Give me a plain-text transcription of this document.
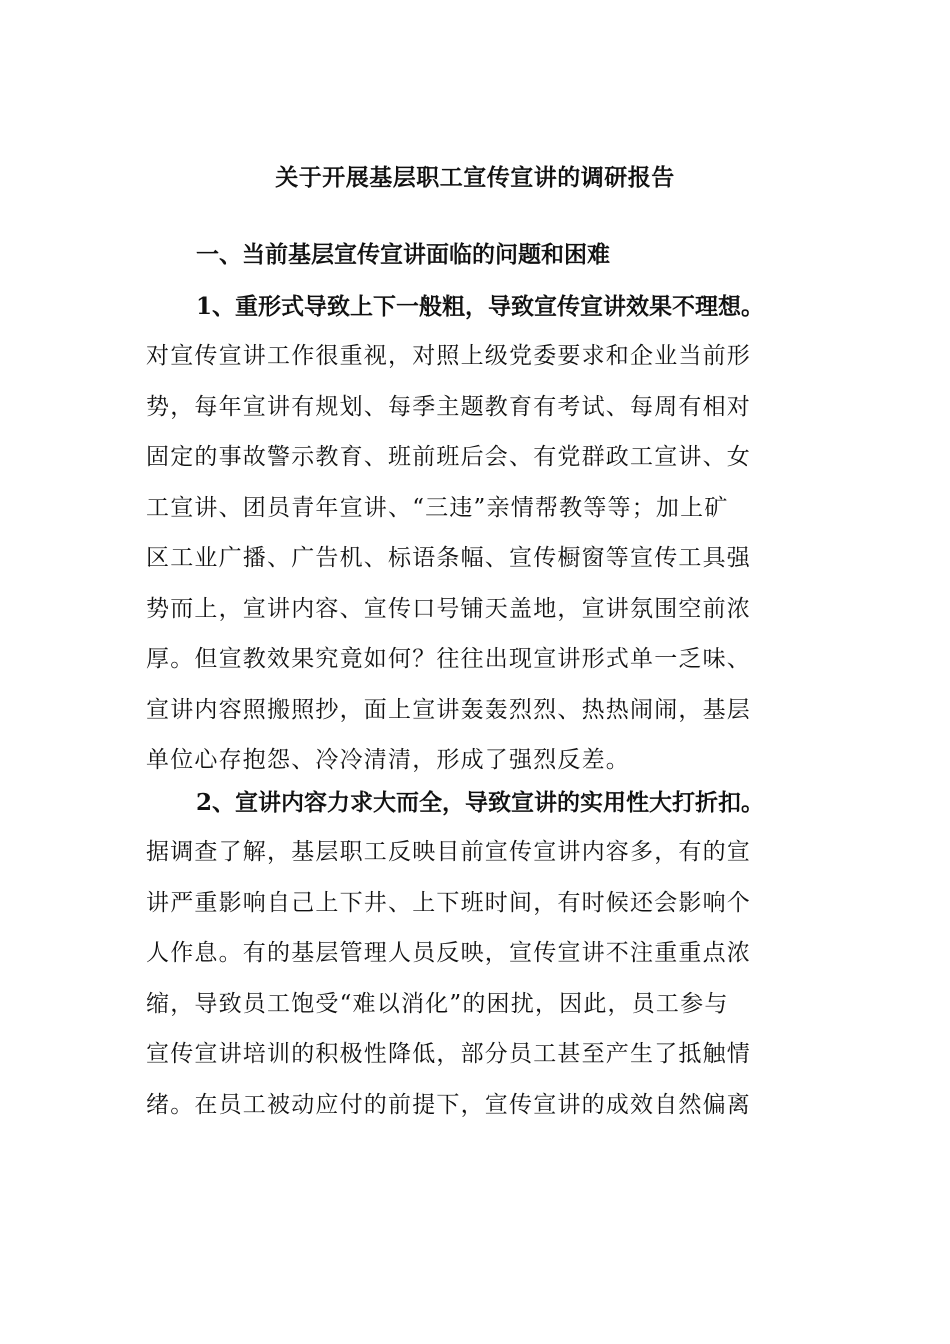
关于开展基层职工宣传宣讲的调研报告
一、当前基层宣传宣讲面临的问题和困难
1、重形式导致上下一般粗，导致宣传宣讲效果不理想。
对宣传宣讲工作很重视，对照上级党委要求和企业当前形
势，每年宣讲有规划、每季主题教育有考试、每周有相对
固定的事故警示教育、班前班后会、有党群政工宣讲、女
工宣讲、团员青年宣讲、“三违”亲情帮教等等；加上矿
区工业广播、广告机、标语条幅、宣传橱窗等宣传工具强
势而上，宣讲内容、宣传口号铺天盖地，宣讲氛围空前浓
厚。但宣教效果究竟如何？往往出现宣讲形式单一乏味、
宣讲内容照搬照抄，面上宣讲轰轰烈烈、热热闹闹，基层
单位心存抱怨、冷冷清清，形成了强烈反差。
2、宣讲内容力求大而全，导致宣讲的实用性大打折扣。
据调查了解，基层职工反映目前宣传宣讲内容多，有的宣
讲严重影响自己上下井、上下班时间，有时候还会影响个
人作息。有的基层管理人员反映，宣传宣讲不注重重点浓
缩，导致员工饱受“难以消化”的困扰，因此，员工参与
宣传宣讲培训的积极性降低，部分员工甚至产生了抵触情
绪。在员工被动应付的前提下，宣传宣讲的成效自然偏离
